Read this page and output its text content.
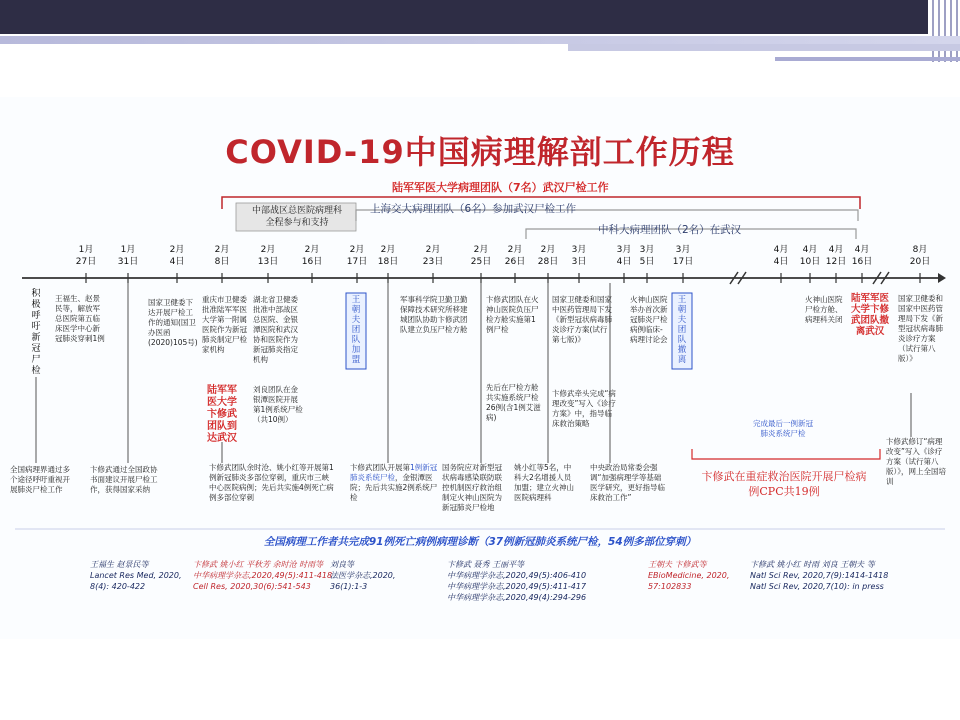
COVID-19中国病理解剖工作历程
陆军军医大学病理团队（7名）武汉尸检工作
中部战区总医院病理科
全程参与和支持
上海交大病理团队（6名）参加武汉尸检工作
中科大病理团队（2名）在武汉
1月
27日
1月
31日
2月
4日
2月
8日
2月
13日
2月
16日
2月
17日
2月
18日
2月
23日
2月
25日
2月
26日
2月
28日
3月
3日
3月
4日
3月
5日
3月
17日
4月
4日
4月
10日
4月
12日
4月
16日
8月
20日
积极呼吁新冠尸检
王福生、赵景民等，解放军总医院第五临床医学中心新冠肺炎穿刺1例
国家卫健委下达开展尸检工作的通知(国卫办医函(2020)105号)
重庆市卫健委批准陆军军医大学第一附属医院作为新冠肺炎制定尸检家机构
陆军军医大学卞修武团队到达武汉
湖北省卫健委批准中部战区总医院、金银潭医院和武汉协和医院作为新冠肺炎指定机构
刘良团队在金银潭医院开展第1例系统尸检（共10例）
王朝夫团队加盟
军事科学院卫勤卫勤保障技术研究所移建城团队协助卞修武团队建立负压尸检方舱
卞修武团队在火神山医院负压尸检方舱实施第1例尸检
先后在尸检方舱共实施系统尸检26例(含1例艾滋病)
国家卫健委和国家中医药管理局下发《新型冠状病毒肺炎诊疗方案(试行第七版)》
卞修武牵头完成“病理改变”写入《诊疗方案》中，指导临床救治策略
火神山医院举办首次新冠肺炎尸检病例临床-病理讨论会
王朝夫团队撤离
火神山医院尸检方舱、病理科关闭
陆军军医大学卞修武团队撤离武汉
国家卫健委和国家中医药管理局下发《新型冠状病毒肺炎诊疗方案（试行第八版）》
完成最后一例新冠肺炎系统尸检
全国病理界通过多个途径呼吁重视开展肺炎尸检工作
卞修武通过全国政协书面建议开展尸检工作，获得国家采纳
卞修武团队余时沧、姚小红等开展第1例新冠肺炎多部位穿刺，重庆市三峡中心医院病例；先后共实施4例死亡病例多部位穿刺
卞修武团队开展第1例新冠肺炎系统尸检，金银潭医院；先后共实施2例系统尸检
国务院应对新型冠状病毒感染联防联控机制医疗救治组制定火神山医院为新冠肺炎尸检地
姚小红等5名，中科大2名增援人员加盟；建立火神山医院病理科
中央政治局常委会强调“加强病理学等基础医学研究，更好指导临床救治工作”
卞修武修订“病理改变”写入《诊疗方案（试行第八版）》，网上全国培训
卞修武在重症救治医院开展尸检病例CPC共19例
全国病理工作者共完成91例死亡病例病理诊断（37例新冠肺炎系统尸检，54例多部位穿刺）
王福生 赵景民等
Lancet Res Med, 2020,
8(4): 420-422
卞修武 姚小红 平秋芳 余时沧 时雨等
中华病理学杂志,2020,49(5):411-418
Cell Res, 2020,30(6):541-543
刘良等
法医学杂志,2020,
36(1):1-3
卞修武 聂秀 王丽平等
中华病理学杂志,2020,49(5):406-410
中华病理学杂志,2020,49(5):411-417
中华病理学杂志,2020,49(4):294-296
王朝夫 卞修武等
EBioMedicine, 2020,
57:102833
卞修武 姚小红 时雨 刘良 王朝夫 等
Natl Sci Rev, 2020,7(9):1414-1418
Natl Sci Rev, 2020,7(10): in press
